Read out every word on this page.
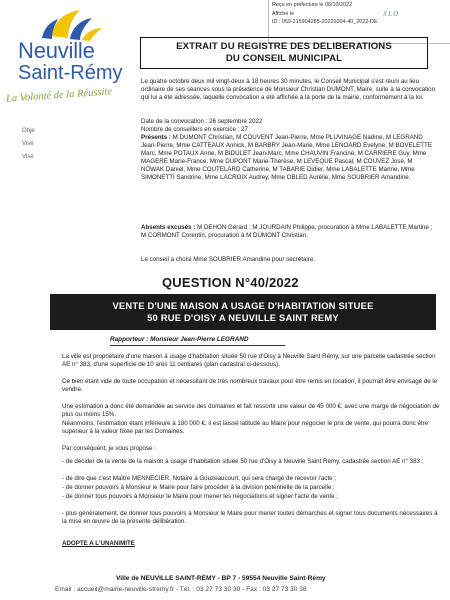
Reçu en préfecture le 06/10/2022
Affiché le
ID : 059-215904285-20221004-40_2022-DE
SLO
Neuville
Saint-Rémy
La Volonté de la Réussite
Obje
Visé
Visé
EXTRAIT DU REGISTRE DES DELIBERATIONS
DU CONSEIL MUNICIPAL
Le quatre octobre deux mil vingt-deux à 18 heures 30 minutes, le Conseil Municipal s'est réuni au lieu ordinaire de ses séances sous la présidence de Monsieur Christian DUMONT, Maire, suite à la convocation qui lui a été adressée, laquelle convocation a été affichée à la porte de la mairie, conformément à la loi.
Date de la convocation : 26 septembre 2022
Nombre de conseillers en exercice : 27
Présents : M DUMONT Christian, M COUVENT Jean-Pierre, Mme PLUVINAGE Nadine, M LEGRAND Jean-Pierre, Mme CATTEAUX Annick, M BARBRY Jean-Marie, Mme LENOARD Evelyne, M BOVELETTE Marc, Mme POTAUX Anne, M BIDULET Jean-Marc, Mme CHAUVIN Francine, M CARRIERE Guy, Mme MAGERE Marie-France, Mme DUPONT Marie-Thérèse, M LEVEQUE Pascal, M COUVEZ José, M NOWAK Daniel, Mme COUTELARD Catherine, M TABARIE Didier, Mme LABALETTE Marine, Mme SIMONETTI Sandrine, Mme LACROIX Audrey, Mme OBLED Aurélie, Mme SOUBRIER Amandine.
Absents excusés : M DEHON Gérard : M JOURDAIN Philippe, procuration à Mme LABALETTE Martine ; M CORMONT Corentin, procuration à M DUMONT Christian.
Le conseil a choisi Mme SOUBRIER Amandine pour secrétaire.
QUESTION N°40/2022
VENTE D'UNE MAISON A USAGE D'HABITATION SITUEE
50 RUE D'OISY A NEUVILLE SAINT REMY
Rapporteur : Monsieur Jean-Pierre LEGRAND
La ville est propriétaire d'une maison à usage d'habitation située 50 rue d'Oisy à Neuville Saint Rémy, sur une parcelle cadastrée section AE n° 383, d'une superficie de 10 ares 11 centiares (plan cadastral ci-dessous).
Ce bien étant vide de toute occupation et nécessitant de très nombreux travaux pour être remis en location, il pourrait être envisagé de le vendre.
Une estimation a donc été demandée au service des domaines et fait ressortir une valeur de 45 000 €, avec une marge de négociation de plus ou moins 15%.
Néanmoins, l'estimation étant inférieure à 180 000 €, il est laissé latitude au Maire pour négocier le prix de vente, qui pourra donc être supérieur à la valeur fixée par les Domaines.
Par conséquent, je vous propose :
- de décider de la vente de la maison à usage d'habitation située 50 rue d'Oisy à Neuville Saint Rémy, cadastrée section AE n° 383 ;
- de dire que c'est Maître MENNECIER, Notaire à Gouzeaucourt, qui sera chargé de recevoir l'acte ;
- de donner pouvoirs à Monsieur le Maire pour faire procéder à la division potentielle de la parcelle ;
- de donner tous pouvoirs à Monsieur le Maire pour mener les négociations et signer l'acte de vente ;
- plus généralement, de donner tous pouvoirs à Monsieur le Maire pour mener toutes démarches et signer tous documents nécessaires à la mise en œuvre de la présente délibération.
ADOPTE A L'UNANIMITE
Ville de NEUVILLE SAINT-RÉMY - BP 7 - 59554 Neuville Saint-Rémy
Email : accueil@mairie-neuville-stremy.fr - Tél. : 03 27 73 30 30 - Fax : 03 27 73 30 38
